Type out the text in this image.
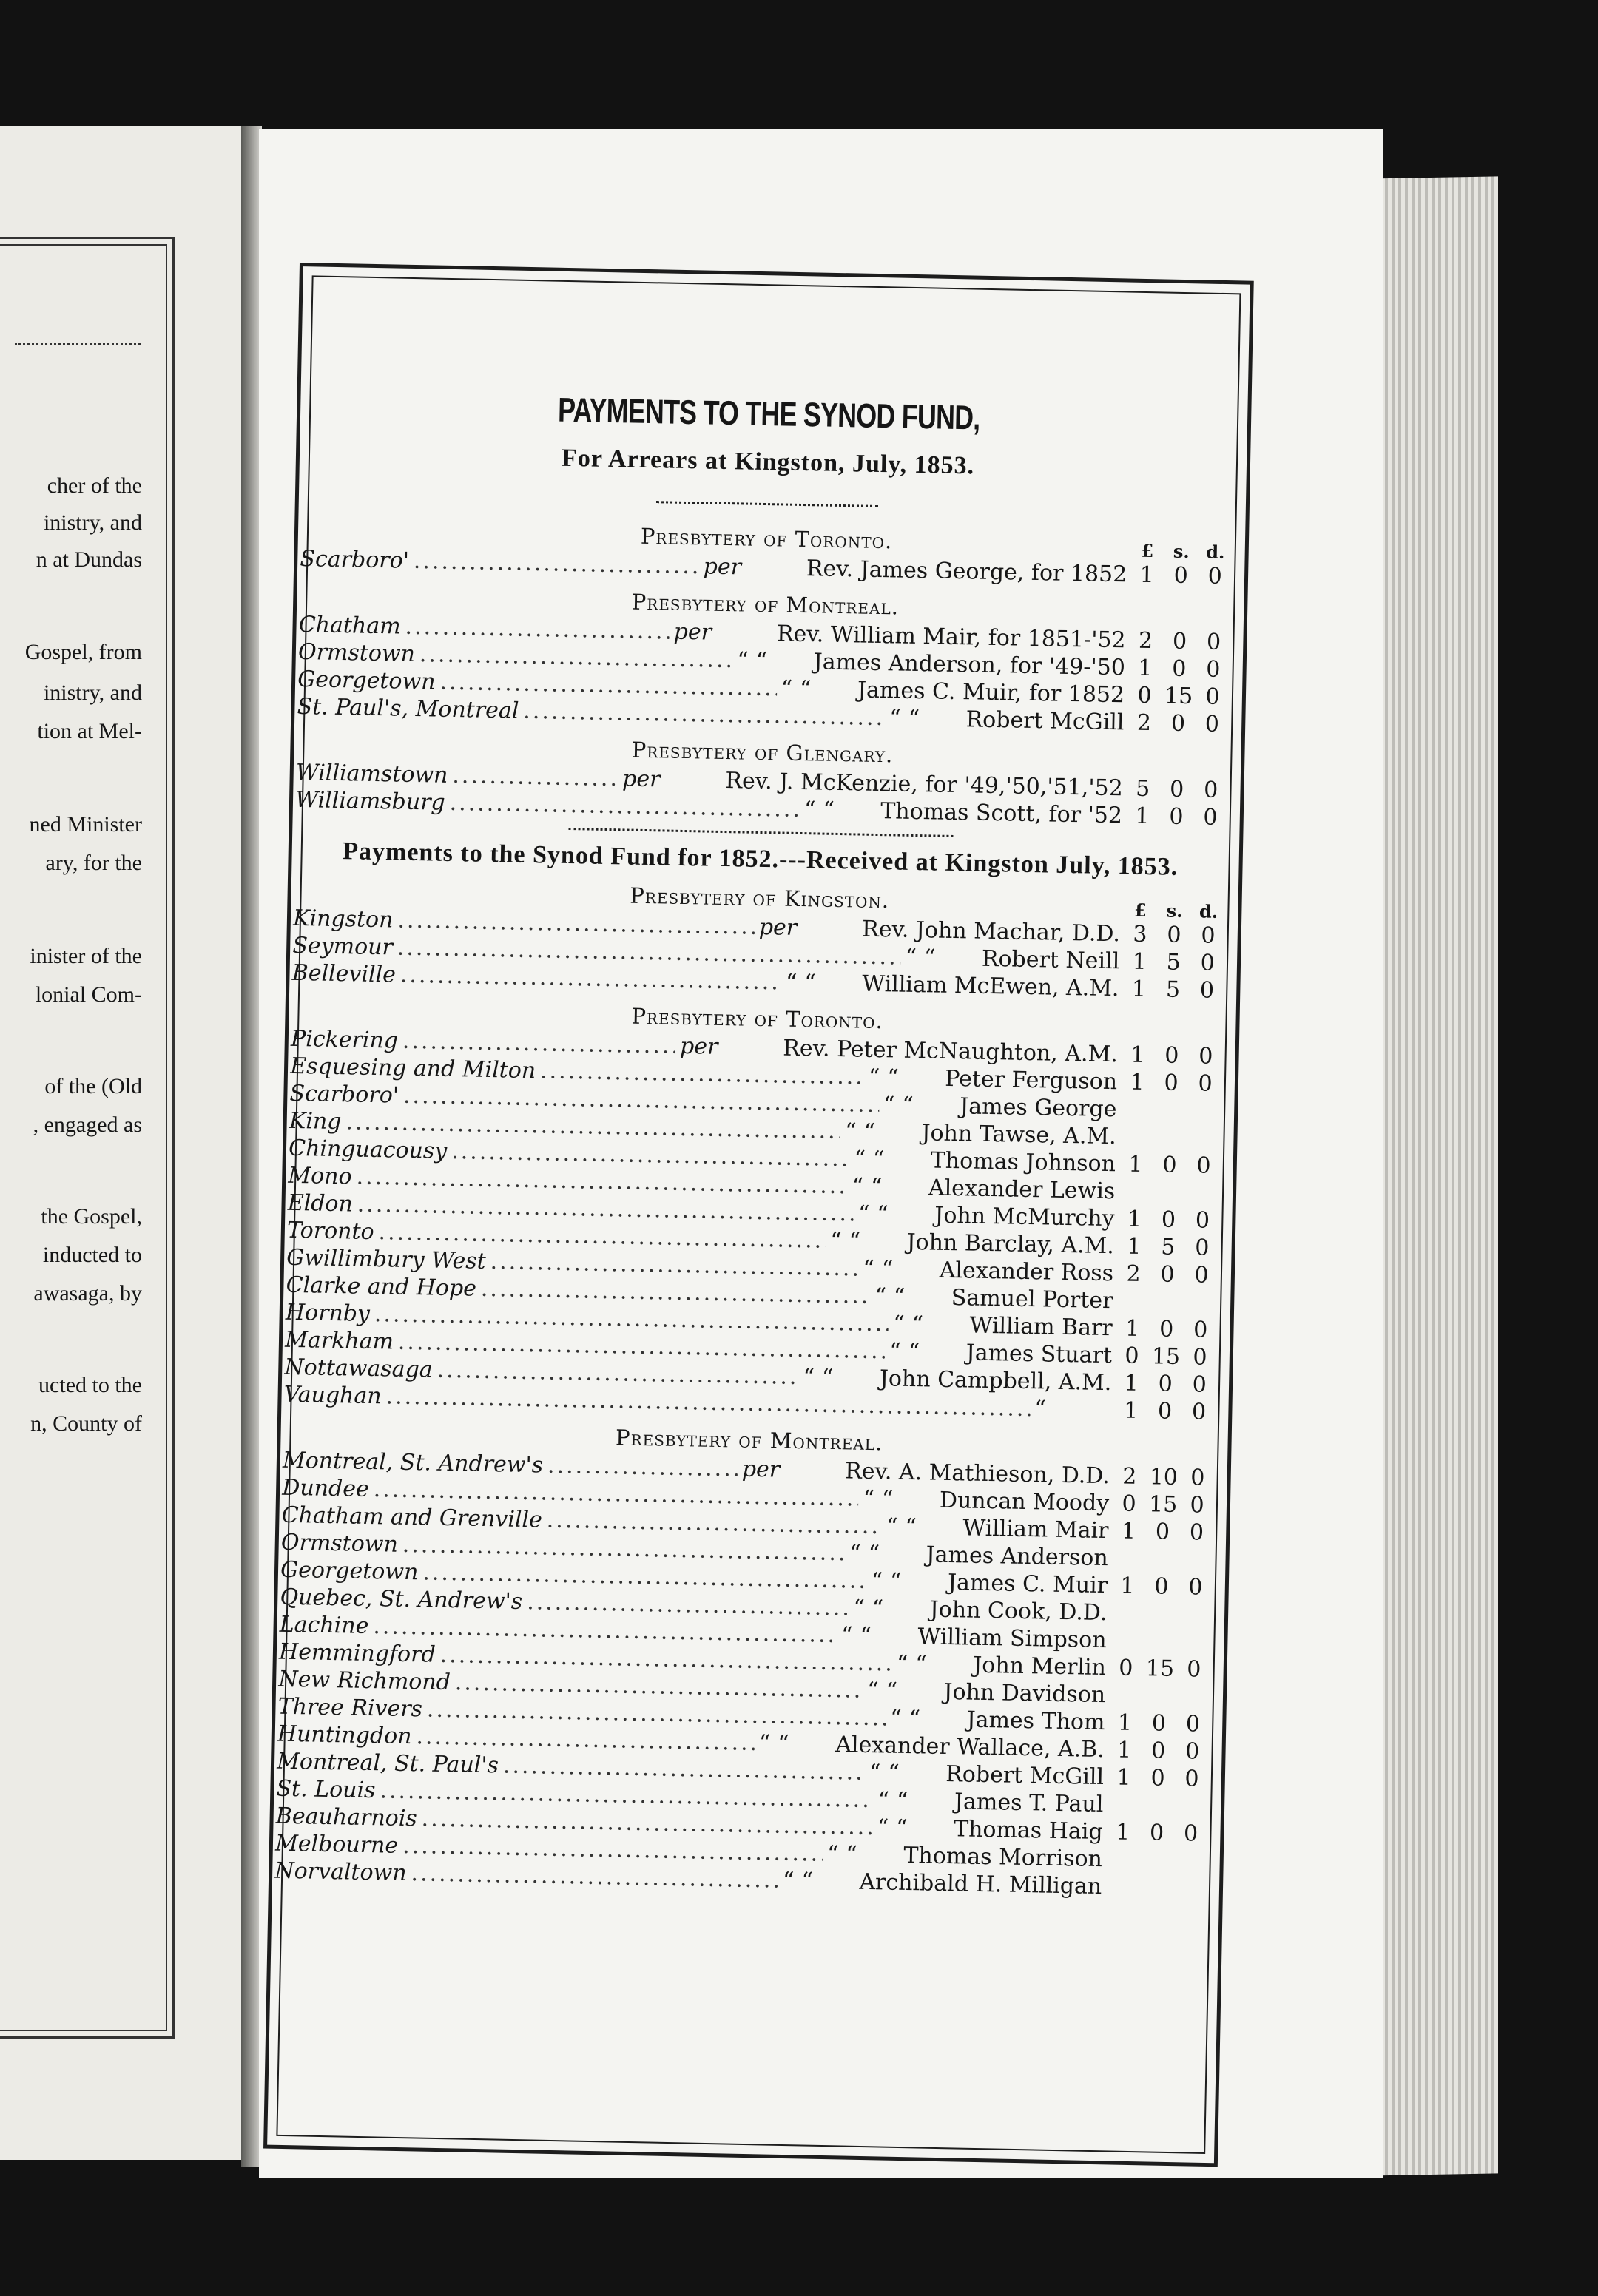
cher of the
inistry, and
n at Dundas
Gospel, from
inistry, and
tion at Mel-
ned Minister
ary, for the
inister of the
lonial Com-
of the (Old
, engaged as
the Gospel,
inducted to
awasaga, by
ucted to the
n, County of
PAYMENTS TO THE SYNOD FUND,
For Arrears at Kingston, July, 1853.
Presbytery of Toronto.	£	s. d.
Scarboro' .....	per	Rev. James George, for 1852 1 0 0
Presbytery of Montreal.
Chatham .....	per	Rev. William Mair, for 1851-'52 2 0 0
Ormstown .....	“ “	James Anderson, for '49-'50 1 0 0
Georgetown .....	“ “	James C. Muir, for 1852 0 15 0
St. Paul's, Montreal .....	“ “	Robert McGill 2 0 0
Presbytery of Glengary.
Williamstown .....	per	Rev. J. McKenzie, for '49,'50,'51,'52 5 0 0
Williamsburg .....	“ “	Thomas Scott, for '52 1 0 0
Payments to the Synod Fund for 1852.---Received at Kingston July, 1853.
Presbytery of Kingston.	£	s. d.
Kingston .....	per	Rev. John Machar, D.D. 3 0 0
Seymour .....	“ “	Robert Neill 1 5 0
Belleville .....	“ “	William McEwen, A.M. 1 5 0
Presbytery of Toronto.
Pickering .....	per	Rev. Peter McNaughton, A.M. 1 0 0
Esquesing and Milton .....	“ “	Peter Ferguson 1 0 0
Scarboro' .....	“ “	James George
King .....	“ “	John Tawse, A.M.
Chinguacousy .....	“ “	Thomas Johnson 1 0 0
Mono .....	“ “	Alexander Lewis
Eldon .....	“ “	John McMurchy 1 0 0
Toronto .....	“ “	John Barclay, A.M. 1 5 0
Gwillimbury West .....	“ “	Alexander Ross 2 0 0
Clarke and Hope .....	“ “	Samuel Porter
Hornby .....	“ “	William Barr 1 0 0
Markham .....	“ “	James Stuart 0 15 0
Nottawasaga .....	“ “	John Campbell, A.M. 1 0 0
Vaughan .....	“	1 0 0
Presbytery of Montreal.
Montreal, St. Andrew's .....	per	Rev. A. Mathieson, D.D. 2 10 0
Dundee .....	“ “	Duncan Moody 0 15 0
Chatham and Grenville .....	“ “	William Mair 1 0 0
Ormstown .....	“ “	James Anderson
Georgetown .....	“ “	James C. Muir 1 0 0
Quebec, St. Andrew's .....	“ “	John Cook, D.D.
Lachine .....	“ “	William Simpson
Hemmingford .....	“ “	John Merlin 0 15 0
New Richmond .....	“ “	John Davidson
Three Rivers .....	“ “	James Thom 1 0 0
Huntingdon .....	“ “	Alexander Wallace, A.B. 1 0 0
Montreal, St. Paul's .....	“ “	Robert McGill 1 0 0
St. Louis .....	“ “	James T. Paul
Beauharnois .....	“ “	Thomas Haig 1 0 0
Melbourne .....	“ “	Thomas Morrison
Norvaltown .....	“ “	Archibald H. Milligan
